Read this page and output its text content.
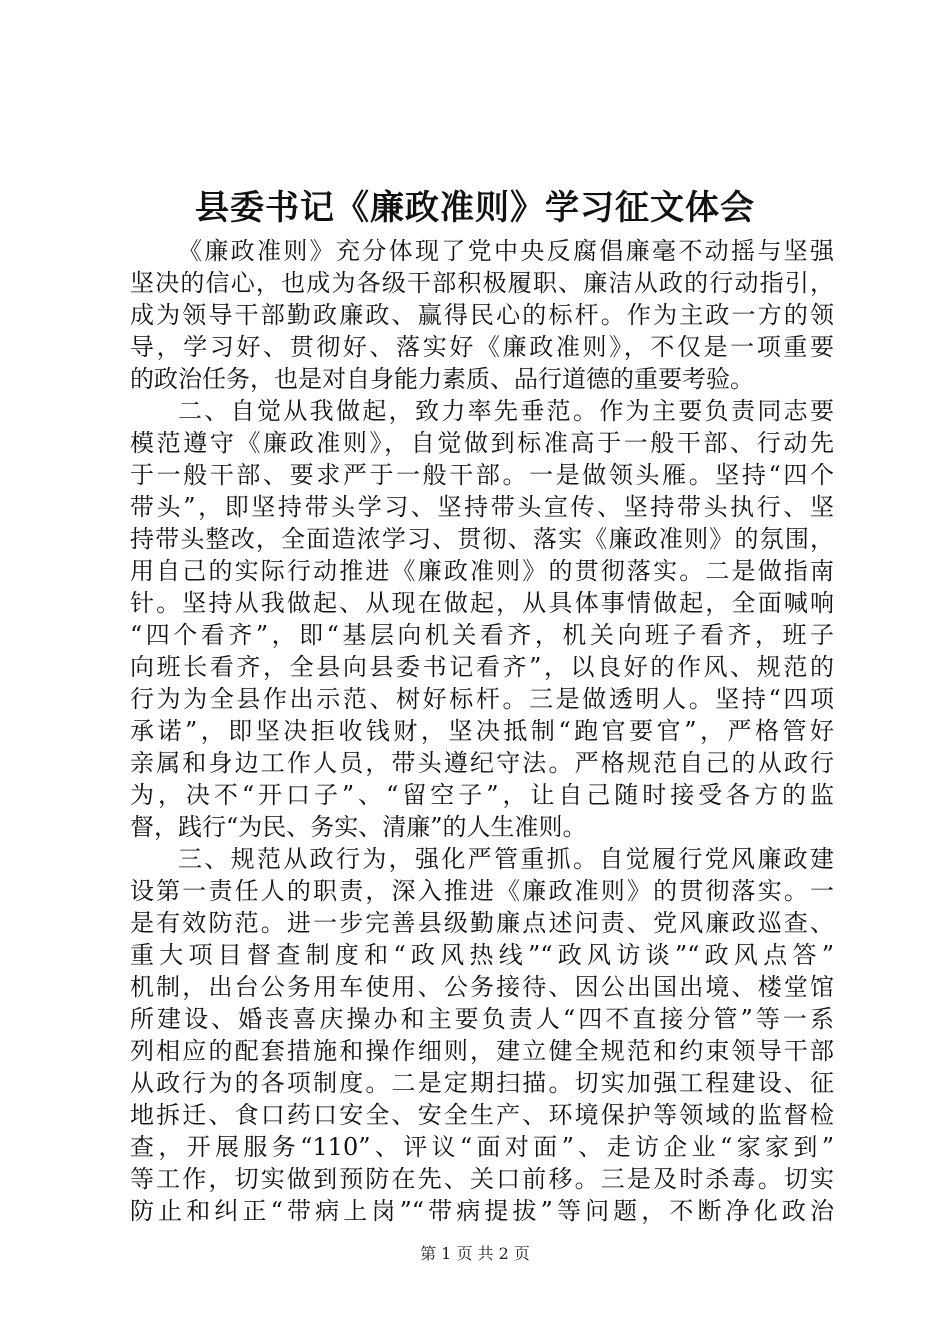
县委书记《廉政准则》学习征文体会
《廉政准则》充分体现了党中央反腐倡廉毫不动摇与坚强
坚决的信心，也成为各级干部积极履职、廉洁从政的行动指引，
成为领导干部勤政廉政、赢得民心的标杆。作为主政一方的领
导，学习好、贯彻好、落实好《廉政准则》，不仅是一项重要
的政治任务，也是对自身能力素质、品行道德的重要考验。
二、自觉从我做起，致力率先垂范。作为主要负责同志要
模范遵守《廉政准则》，自觉做到标准高于一般干部、行动先
于一般干部、要求严于一般干部。一是做领头雁。坚持“四个
带头”，即坚持带头学习、坚持带头宣传、坚持带头执行、坚
持带头整改，全面造浓学习、贯彻、落实《廉政准则》的氛围，
用自己的实际行动推进《廉政准则》的贯彻落实。二是做指南
针。坚持从我做起、从现在做起，从具体事情做起，全面喊响
“四个看齐”，即“基层向机关看齐，机关向班子看齐，班子
向班长看齐，全县向县委书记看齐”，以良好的作风、规范的
行为为全县作出示范、树好标杆。三是做透明人。坚持“四项
承诺”，即坚决拒收钱财，坚决抵制“跑官要官”，严格管好
亲属和身边工作人员，带头遵纪守法。严格规范自己的从政行
为，决不“开口子”、“留空子”，让自己随时接受各方的监
督，践行“为民、务实、清廉”的人生准则。
三、规范从政行为，强化严管重抓。自觉履行党风廉政建
设第一责任人的职责，深入推进《廉政准则》的贯彻落实。一
是有效防范。进一步完善县级勤廉点述问责、党风廉政巡查、
重大项目督查制度和“政风热线”“政风访谈”“政风点答”
机制，出台公务用车使用、公务接待、因公出国出境、楼堂馆
所建设、婚丧喜庆操办和主要负责人“四不直接分管”等一系
列相应的配套措施和操作细则，建立健全规范和约束领导干部
从政行为的各项制度。二是定期扫描。切实加强工程建设、征
地拆迁、食口药口安全、安全生产、环境保护等领域的监督检
查，开展服务“110”、评议“面对面”、走访企业“家家到”
等工作，切实做到预防在先、关口前移。三是及时杀毒。切实
防止和纠正“带病上岗”“带病提拔”等问题，不断净化政治
第 1 页 共 2 页
